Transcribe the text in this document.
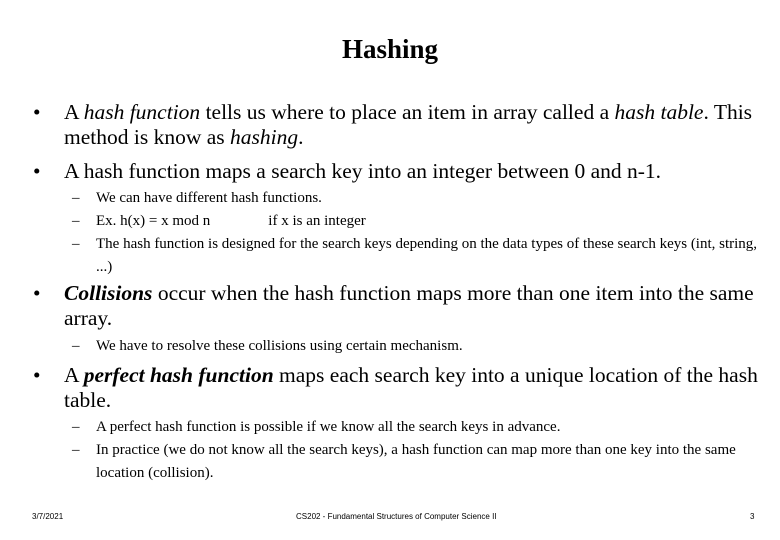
Hashing
•	A hash function tells us where to place an item in array called a hash table. This method is know as hashing.
•	A hash function maps a search key into an integer between 0 and n-1.
– We can have different hash functions.
– Ex. h(x) = x mod n	if x is an integer
– The hash function is designed for the search keys depending on the data types of these search keys (int, string, ...)
•	Collisions occur when the hash function maps more than one item into the same array.
– We have to resolve these collisions using certain mechanism.
•	A perfect hash function maps each search key into a unique location of the hash table.
– A perfect hash function is possible if we know all the search keys in advance.
– In practice (we do not know all the search keys), a hash function can map more than one key into the same location (collision).
3/7/2021	CS202 - Fundamental Structures of Computer Science II	3
